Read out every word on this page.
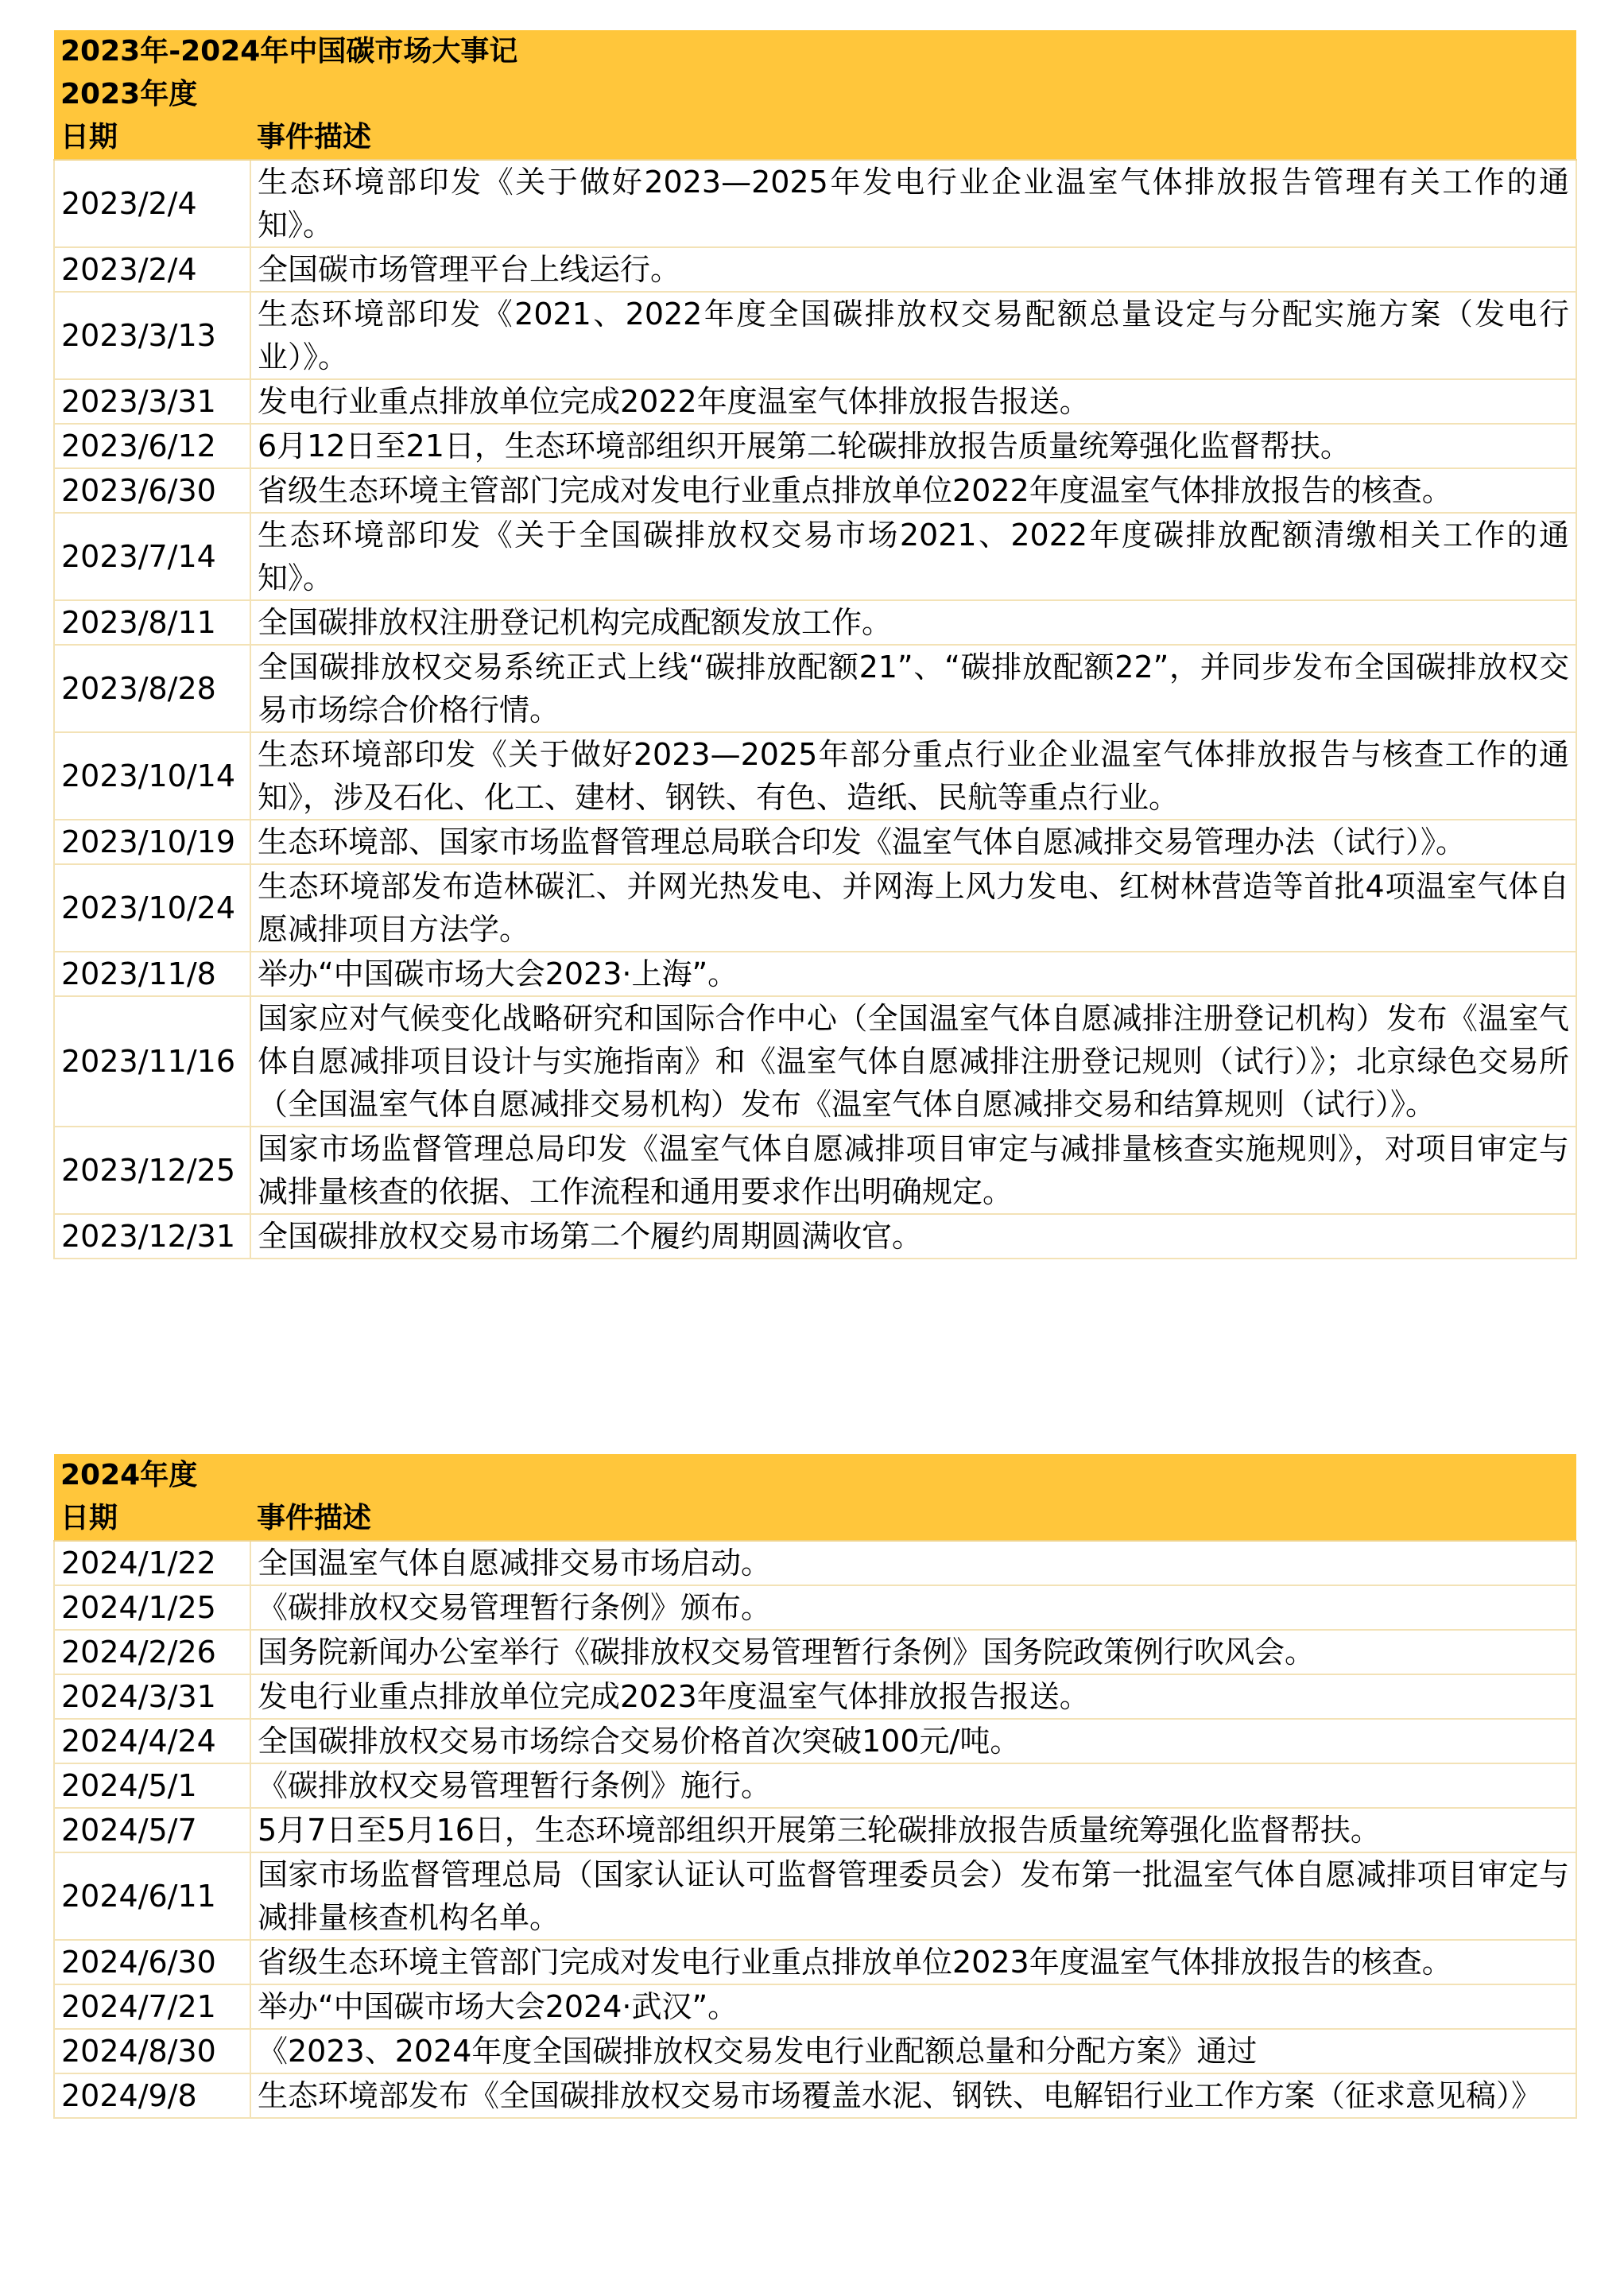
2023年-2024年中国碳市场大事记	
2023年度	
日期	事件描述
2023/2/4	生态环境部印发《关于做好2023—2025年发电行业企业温室气体排放报告管理有关工作的通知》。
2023/2/4	全国碳市场管理平台上线运行。
2023/3/13	生态环境部印发《2021、2022年度全国碳排放权交易配额总量设定与分配实施方案（发电行业）》。
2023/3/31	发电行业重点排放单位完成2022年度温室气体排放报告报送。
2023/6/12	6月12日至21日，生态环境部组织开展第二轮碳排放报告质量统筹强化监督帮扶。
2023/6/30	省级生态环境主管部门完成对发电行业重点排放单位2022年度温室气体排放报告的核查。
2023/7/14	生态环境部印发《关于全国碳排放权交易市场2021、2022年度碳排放配额清缴相关工作的通知》。
2023/8/11	全国碳排放权注册登记机构完成配额发放工作。
2023/8/28	全国碳排放权交易系统正式上线“碳排放配额21”、“碳排放配额22”，并同步发布全国碳排放权交易市场综合价格行情。
2023/10/14	生态环境部印发《关于做好2023—2025年部分重点行业企业温室气体排放报告与核查工作的通知》，涉及石化、化工、建材、钢铁、有色、造纸、民航等重点行业。
2023/10/19	生态环境部、国家市场监督管理总局联合印发《温室气体自愿减排交易管理办法（试行）》。
2023/10/24	生态环境部发布造林碳汇、并网光热发电、并网海上风力发电、红树林营造等首批4项温室气体自愿减排项目方法学。
2023/11/8	举办“中国碳市场大会2023·上海”。
2023/11/16	国家应对气候变化战略研究和国际合作中心（全国温室气体自愿减排注册登记机构）发布《温室气体自愿减排项目设计与实施指南》和《温室气体自愿减排注册登记规则（试行）》；北京绿色交易所（全国温室气体自愿减排交易机构）发布《温室气体自愿减排交易和结算规则（试行）》。
2023/12/25	国家市场监督管理总局印发《温室气体自愿减排项目审定与减排量核查实施规则》，对项目审定与减排量核查的依据、工作流程和通用要求作出明确规定。
2023/12/31	全国碳排放权交易市场第二个履约周期圆满收官。
2024年度	
日期	事件描述
2024/1/22	全国温室气体自愿减排交易市场启动。
2024/1/25	《碳排放权交易管理暂行条例》颁布。
2024/2/26	国务院新闻办公室举行《碳排放权交易管理暂行条例》国务院政策例行吹风会。
2024/3/31	发电行业重点排放单位完成2023年度温室气体排放报告报送。
2024/4/24	全国碳排放权交易市场综合交易价格首次突破100元/吨。
2024/5/1	《碳排放权交易管理暂行条例》施行。
2024/5/7	5月7日至5月16日，生态环境部组织开展第三轮碳排放报告质量统筹强化监督帮扶。
2024/6/11	国家市场监督管理总局（国家认证认可监督管理委员会）发布第一批温室气体自愿减排项目审定与减排量核查机构名单。
2024/6/30	省级生态环境主管部门完成对发电行业重点排放单位2023年度温室气体排放报告的核查。
2024/7/21	举办“中国碳市场大会2024·武汉”。
2024/8/30	《2023、2024年度全国碳排放权交易发电行业配额总量和分配方案》通过
2024/9/8	生态环境部发布《全国碳排放权交易市场覆盖水泥、钢铁、电解铝行业工作方案（征求意见稿）》
